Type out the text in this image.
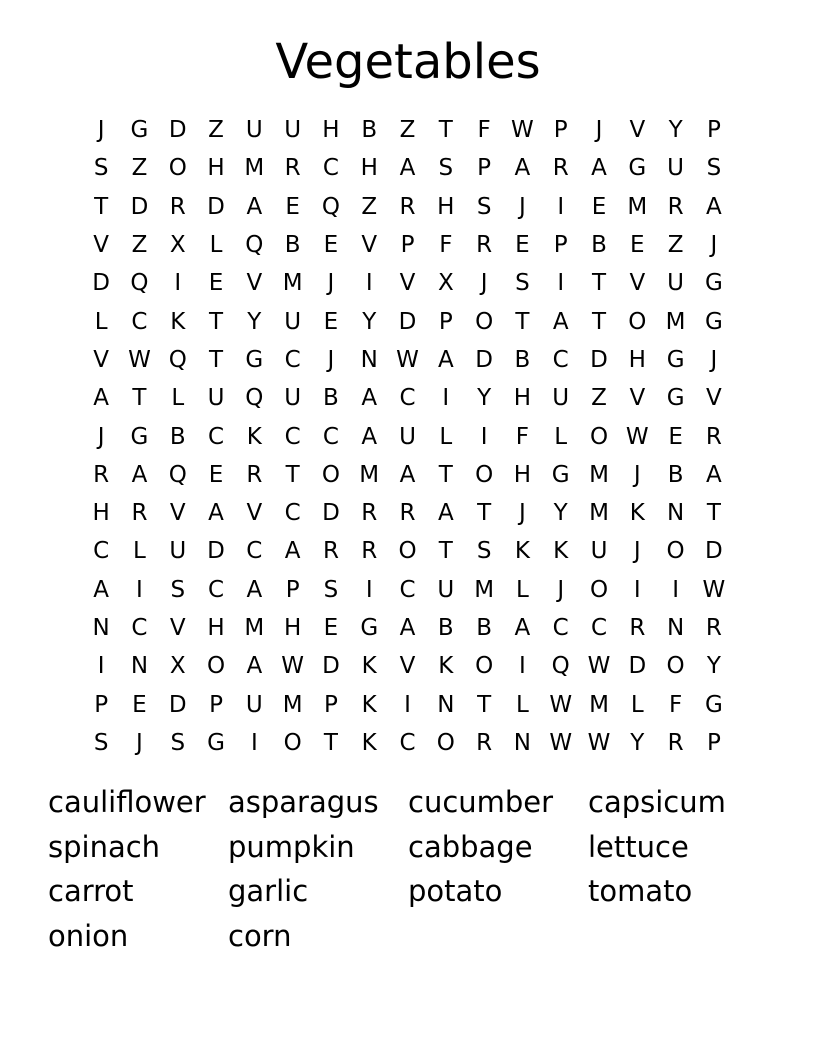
Vegetables
J	G D Z U U H B Z	T	F W P	J	V	Y	P
S	Z O H M R C H A	S	P	A R A G U S
T D R D A	E Q Z R H S	J	I	E M R A
V Z X	L Q B	E	V	P	F	R	E	P	B	E	Z	J
D Q	I	E	V M	J	I	V X	J	S	I	T	V U G
L	C K	T	Y U E	Y D P O T	A	T O M G
V W Q T G C	J	N W A D B C D H G	J
A	T	L	U Q U B A C	I	Y H U Z V G V
J	G B C K C C A U	L	I	F	L O W E	R
R A Q E	R	T O M A	T O H G M	J	B A
H R V A V C D R R A	T	J	Y M K N T
C	L	U D C A R R O T	S	K	K U	J	O D
A	I	S C A	P	S	I	C U M L	J	O	I	I	W
N C V H M H E G A B B A C C R N R
I	N X O A W D K V K O	I	Q W D O Y
P	E D P U M P	K	I	N T	L W M L	F G
S	J	S G	I	O T	K C O R N W W Y	R	P
cauliflower asparagus	cucumber	capsicum
spinach	pumpkin	cabbage	lettuce
carrot	garlic	potato	tomato
onion	corn
